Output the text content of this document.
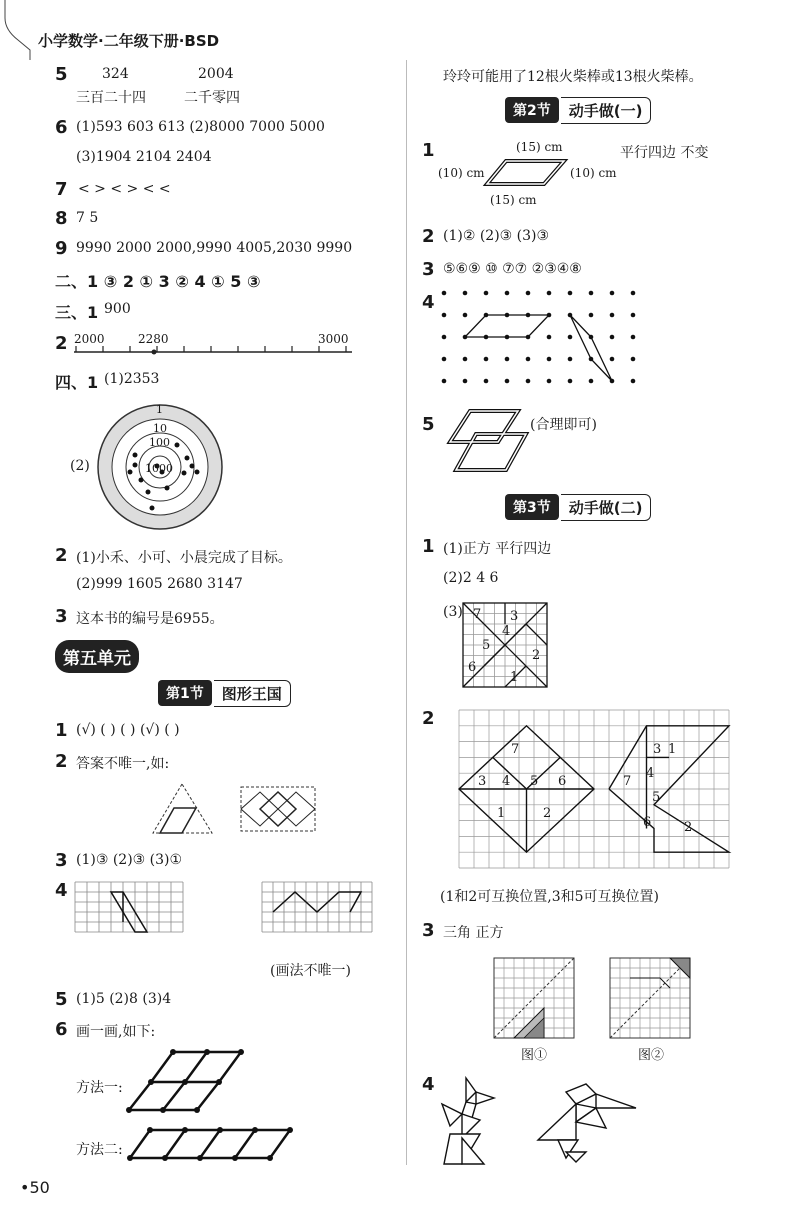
小学数学·二年级下册·BSD
5 324	2004
三百二十四	二千零四
6 (1)593 603 613 (2)8000 7000 5000
(3)1904 2104 2404
7 < > < > < <
8 7 5
9 9990 2000 2000,9990 4005,2030 9990
二、1 ③ 2 ① 3 ② 4 ① 5 ③
三、1 900
2 2000	2280	3000
四、1 (1)2353
(2)
1
10
100
1000
2 (1)小禾、小可、小晨完成了目标。
(2)999 1605 2680 3147
3 这本书的编号是6955。
第五单元
第1节	图形王国
1 (√) ( ) ( ) (√) ( )
2 答案不唯一,如:
3 (1)③ (2)③ (3)①
4
(画法不唯一)
5 (1)5 (2)8 (3)4
6 画一画,如下:
方法一:
方法二:
•50
玲玲可能用了12根火柴棒或13根火柴棒。
第2节	动手做(一)
1	(15) cm
(10) cm	(10) cm
(15) cm
平行四边 不变
2 (1)② (2)③ (3)③
3 ⑤⑥⑨ ⑩ ⑦⑦ ②③④⑧
4
5	(合理即可)
第3节	动手做(二)
1 (1)正方 平行四边
(2)2 4 6
(3) 7 3
4
5
2
6
1
2
7
3 4 5 6
1	2
3 1
7
4
5
6	2
(1和2可互换位置,3和5可互换位置)
3 三角 正方
图①	图②
4
